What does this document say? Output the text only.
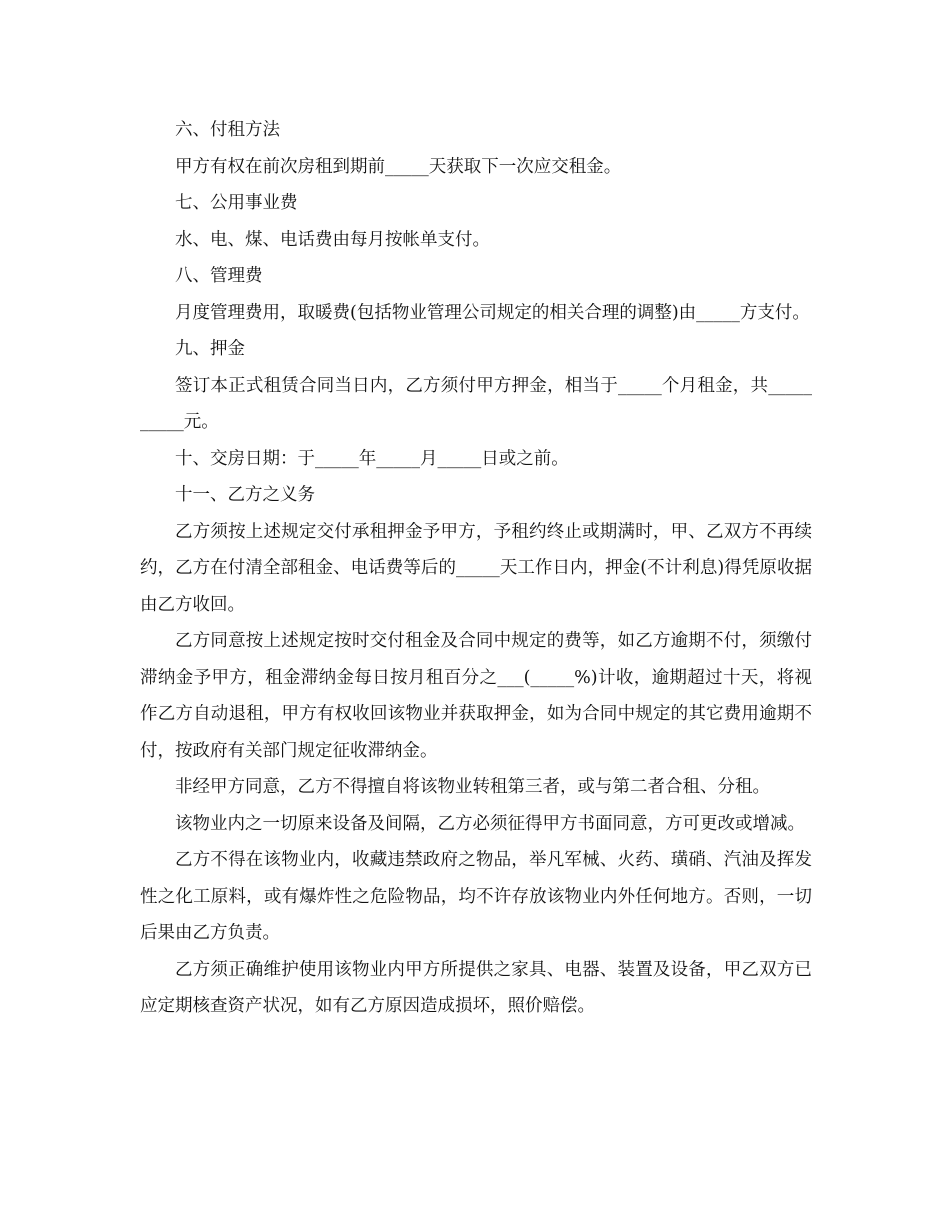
六、付租方法

甲方有权在前次房租到期前_____天获取下一次应交租金。

七、公用事业费

水、电、煤、电话费由每月按帐单支付。

八、管理费

月度管理费用，取暖费(包括物业管理公司规定的相关合理的调整)由_____方支付。

九、押金

签订本正式租赁合同当日内，乙方须付甲方押金，相当于_____个月租金，共__________元。

十、交房日期：于_____年_____月_____日或之前。

十一、乙方之义务

乙方须按上述规定交付承租押金予甲方，予租约终止或期满时，甲、乙双方不再续约，乙方在付清全部租金、电话费等后的_____天工作日内，押金(不计利息)得凭原收据由乙方收回。

乙方同意按上述规定按时交付租金及合同中规定的费等，如乙方逾期不付，须缴付滞纳金予甲方，租金滞纳金每日按月租百分之___(_____%)计收，逾期超过十天，将视作乙方自动退租，甲方有权收回该物业并获取押金，如为合同中规定的其它费用逾期不付，按政府有关部门规定征收滞纳金。

非经甲方同意，乙方不得擅自将该物业转租第三者，或与第二者合租、分租。

该物业内之一切原来设备及间隔，乙方必须征得甲方书面同意，方可更改或增减。

乙方不得在该物业内，收藏违禁政府之物品，举凡军械、火药、璜硝、汽油及挥发性之化工原料，或有爆炸性之危险物品，均不许存放该物业内外任何地方。否则，一切后果由乙方负责。

乙方须正确维护使用该物业内甲方所提供之家具、电器、装置及设备，甲乙双方已应定期核查资产状况，如有乙方原因造成损坏，照价赔偿。
